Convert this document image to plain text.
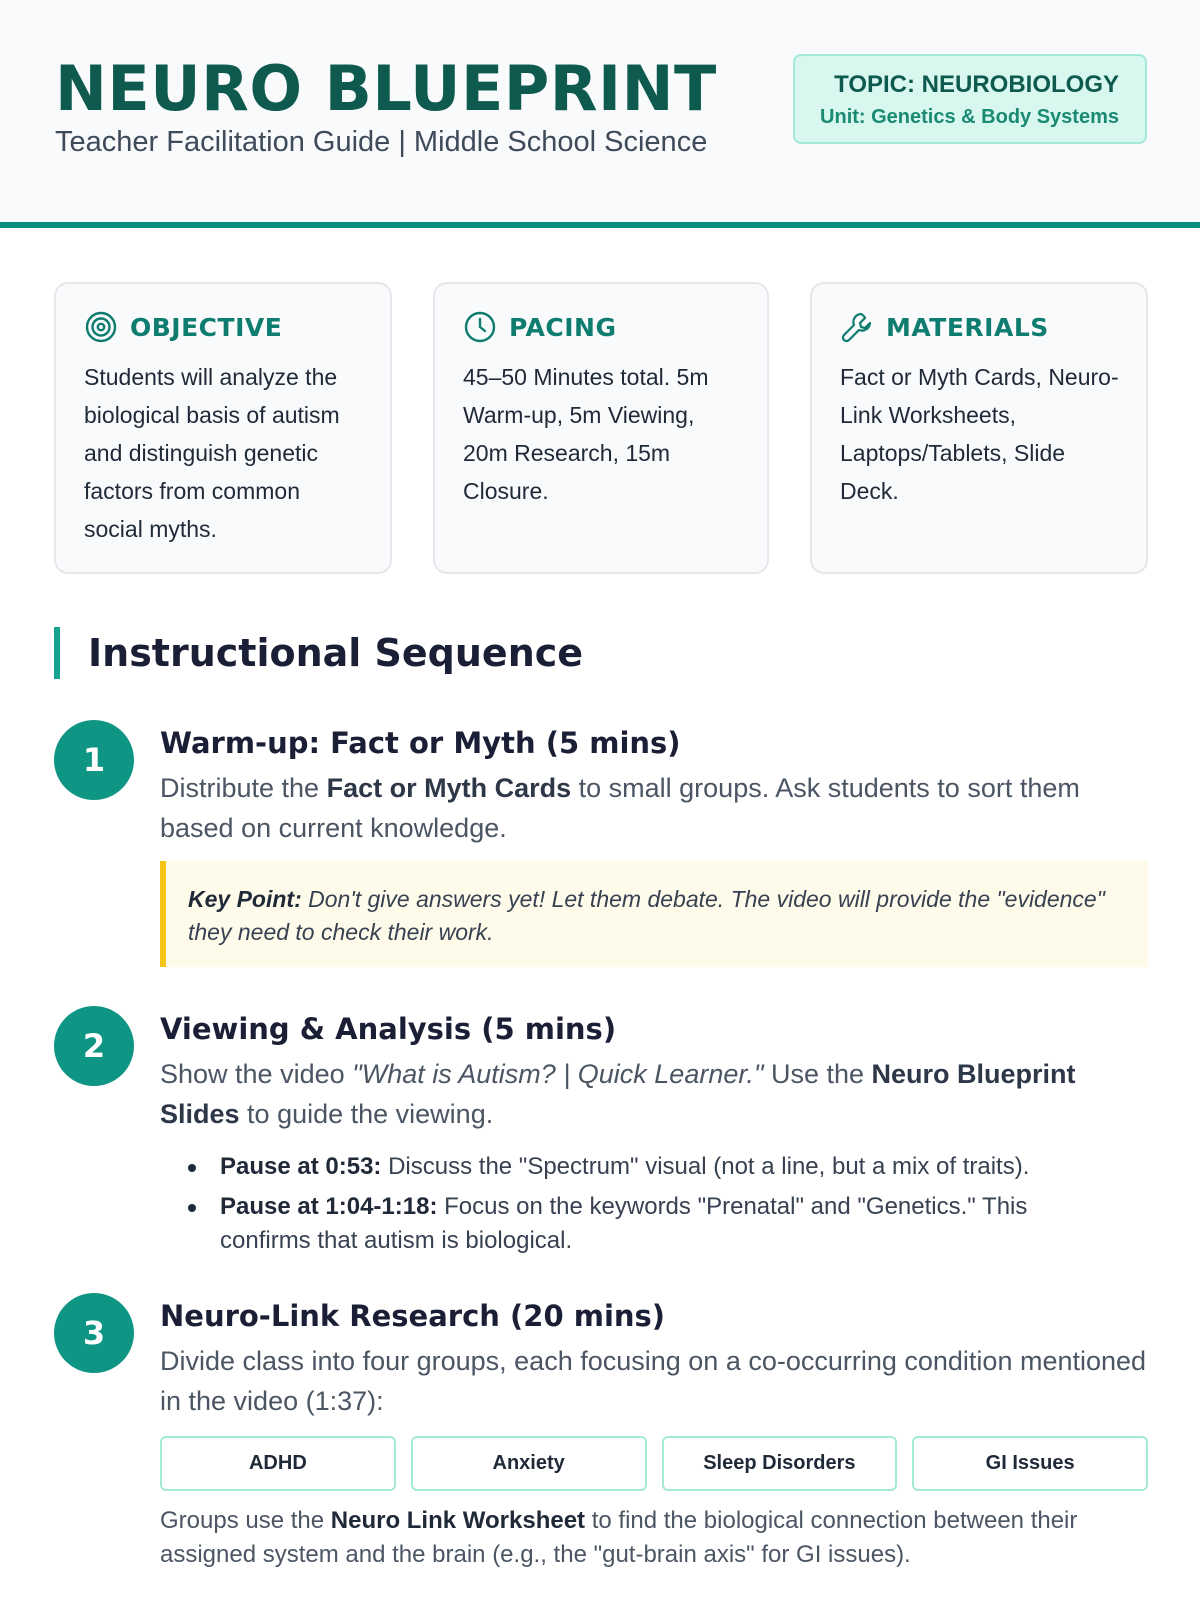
NEURO BLUEPRINT
Teacher Facilitation Guide | Middle School Science
TOPIC: NEUROBIOLOGY
Unit: Genetics & Body Systems
OBJECTIVE
Students will analyze the biological basis of autism and distinguish genetic factors from common social myths.
PACING
45–50 Minutes total. 5m Warm-up, 5m Viewing, 20m Research, 15m Closure.
MATERIALS
Fact or Myth Cards, Neuro-Link Worksheets, Laptops/Tablets, Slide Deck.
Instructional Sequence
1	Warm-up: Fact or Myth (5 mins)
Distribute the Fact or Myth Cards to small groups. Ask students to sort them based on current knowledge.
Key Point: Don't give answers yet! Let them debate. The video will provide the "evidence" they need to check their work.
2	Viewing & Analysis (5 mins)
Show the video "What is Autism? | Quick Learner." Use the Neuro Blueprint Slides to guide the viewing.
Pause at 0:53: Discuss the "Spectrum" visual (not a line, but a mix of traits).
Pause at 1:04-1:18: Focus on the keywords "Prenatal" and "Genetics." This confirms that autism is biological.
3	Neuro-Link Research (20 mins)
Divide class into four groups, each focusing on a co-occurring condition mentioned in the video (1:37):
ADHD	Anxiety	Sleep Disorders	GI Issues
Groups use the Neuro Link Worksheet to find the biological connection between their assigned system and the brain (e.g., the "gut-brain axis" for GI issues).
